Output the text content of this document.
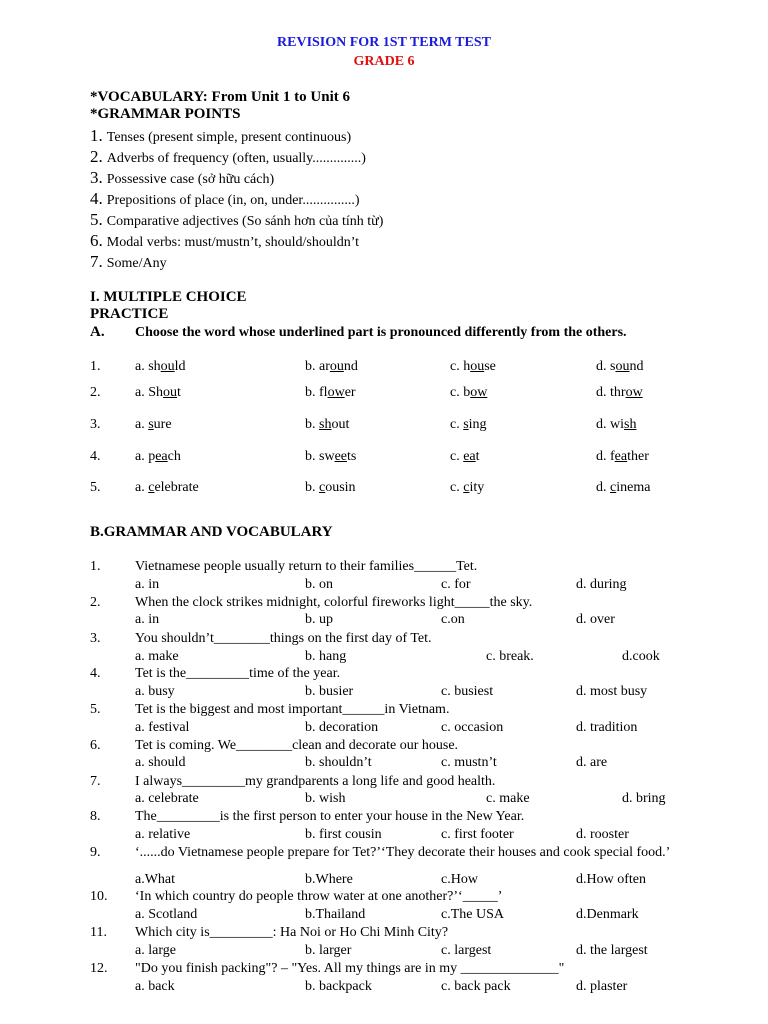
REVISION FOR 1ST TERM TEST
GRADE 6
*VOCABULARY: From Unit 1 to Unit 6
*GRAMMAR POINTS
1. Tenses (present simple, present continuous)
2. Adverbs of frequency (often, usually..............)
3. Possessive case (sở hữu cách)
4. Prepositions of place (in, on, under...............)
5. Comparative adjectives (So sánh hơn của tính từ)
6. Modal verbs: must/mustn’t, should/shouldn’t
7. Some/Any
I. MULTIPLE CHOICE
PRACTICE
A. Choose the word whose underlined part is pronounced differently from the others.
1. a. should	b. around	c. house	d. sound
2. a. Shout	b. flower	c. bow	d. throw
3. a. sure	b. shout	c. sing	d. wish
4. a. peach	b. sweets	c. eat	d. feather
5. a. celebrate	b. cousin	c. city	d. cinema
B.GRAMMAR AND VOCABULARY
1. Vietnamese people usually return to their families______Tet.
a. in	b. on	c. for	d. during
2. When the clock strikes midnight, colorful fireworks light_____the sky.
a. in	b. up	c.on	d. over
3. You shouldn’t________things on the first day of Tet.
a. make	b. hang	c. break.	d.cook
4. Tet is the_________time of the year.
a. busy	b. busier	c. busiest	d. most busy
5. Tet is the biggest and most important______in Vietnam.
a. festival	b. decoration	c. occasion	d. tradition
6. Tet is coming. We________clean and decorate our house.
a. should	b. shouldn’t	c. mustn’t	d. are
7. I always_________my grandparents a long life and good health.
a. celebrate	b. wish	c. make	d. bring
8. The_________is the first person to enter your house in the New Year.
a. relative	b. first cousin	c. first footer	d. rooster
9. ‘......do Vietnamese people prepare for Tet?’‘They decorate their houses and cook special food.’
a.What	b.Where	c.How	d.How often
10. ‘In which country do people throw water at one another?’‘_____’
a. Scotland	b.Thailand	c.The USA	d.Denmark
11. Which city is_________: Ha Noi or Ho Chi Minh City?
a. large	b. larger	c. largest	d. the largest
12. "Do you finish packing"? – "Yes. All my things are in my ______________"
a. back	b. backpack	c. back pack	d. plaster
